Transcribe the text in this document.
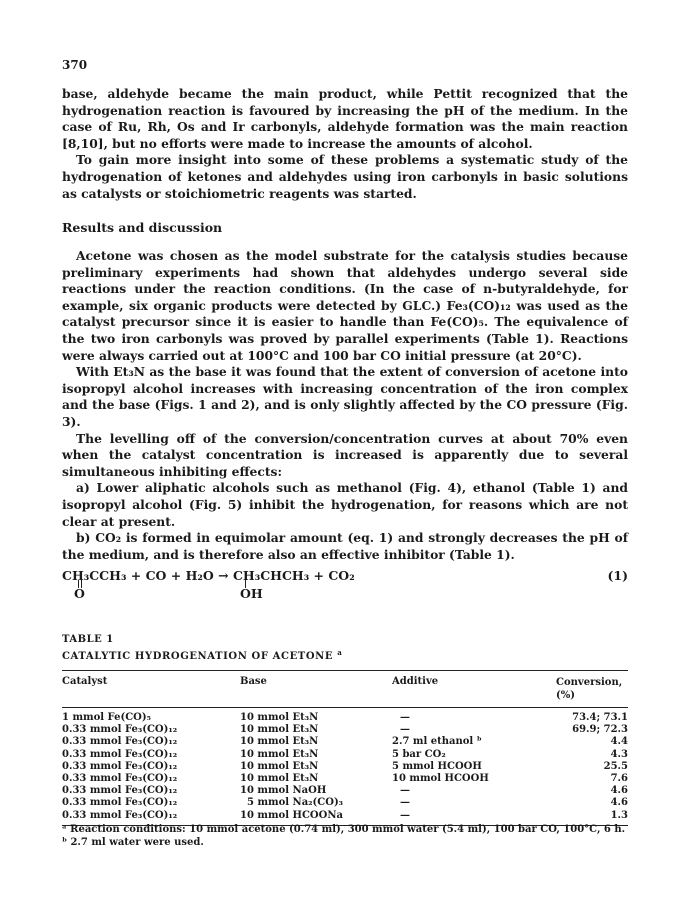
370

base, aldehyde became the main product, while Pettit recognized that the hydrogenation reaction is favoured by increasing the pH of the medium. In the case of Ru, Rh, Os and Ir carbonyls, aldehyde formation was the main reaction [8,10], but no efforts were made to increase the amounts of alcohol.

To gain more insight into some of these problems a systematic study of the hydrogenation of ketones and aldehydes using iron carbonyls in basic solutions as catalysts or stoichiometric reagents was started.

Results and discussion

Acetone was chosen as the model substrate for the catalysis studies because preliminary experiments had shown that aldehydes undergo several side reactions under the reaction conditions. (In the case of n-butyraldehyde, for example, six organic products were detected by GLC.) Fe₃(CO)₁₂ was used as the catalyst precursor since it is easier to handle than Fe(CO)₅. The equivalence of the two iron carbonyls was proved by parallel experiments (Table 1). Reactions were always carried out at 100°C and 100 bar CO initial pressure (at 20°C).

With Et₃N as the base it was found that the extent of conversion of acetone into isopropyl alcohol increases with increasing concentration of the iron complex and the base (Figs. 1 and 2), and is only slightly affected by the CO pressure (Fig. 3).

The levelling off of the conversion/concentration curves at about 70% even when the catalyst concentration is increased is apparently due to several simultaneous inhibiting effects:

a) Lower aliphatic alcohols such as methanol (Fig. 4), ethanol (Table 1) and isopropyl alcohol (Fig. 5) inhibit the hydrogenation, for reasons which are not clear at present.

b) CO₂ is formed in equimolar amount (eq. 1) and strongly decreases the pH of the medium, and is therefore also an effective inhibitor (Table 1).

CH₃CCH₃ + CO + H₂O → CH₃CHCH₃ + CO₂
O	OH
(1)
TABLE 1
CATALYTIC HYDROGENATION OF ACETONE $^a$
Catalyst	Base	Additive	Conversion, (%)
1 mmol Fe(CO)₅	10 mmol Et₃N	—	73.4; 73.1
0.33 mmol Fe₃(CO)₁₂	10 mmol Et₃N	—	69.9; 72.3
0.33 mmol Fe₃(CO)₁₂	10 mmol Et₃N	2.7 ml ethanol ᵇ	4.4
0.33 mmol Fe₃(CO)₁₂	10 mmol Et₃N	5 bar CO₂	4.3
0.33 mmol Fe₃(CO)₁₂	10 mmol Et₃N	5 mmol HCOOH	25.5
0.33 mmol Fe₃(CO)₁₂	10 mmol Et₃N	10 mmol HCOOH	7.6
0.33 mmol Fe₃(CO)₁₂	10 mmol NaOH	—	4.6
0.33 mmol Fe₃(CO)₁₂	5 mmol Na₂(CO)₃	—	4.6
0.33 mmol Fe₃(CO)₁₂	10 mmol HCOONa	—	1.3
ᵃ Reaction conditions: 10 mmol acetone (0.74 ml), 300 mmol water (5.4 ml), 100 bar CO, 100°C, 6 h.
ᵇ 2.7 ml water were used.
